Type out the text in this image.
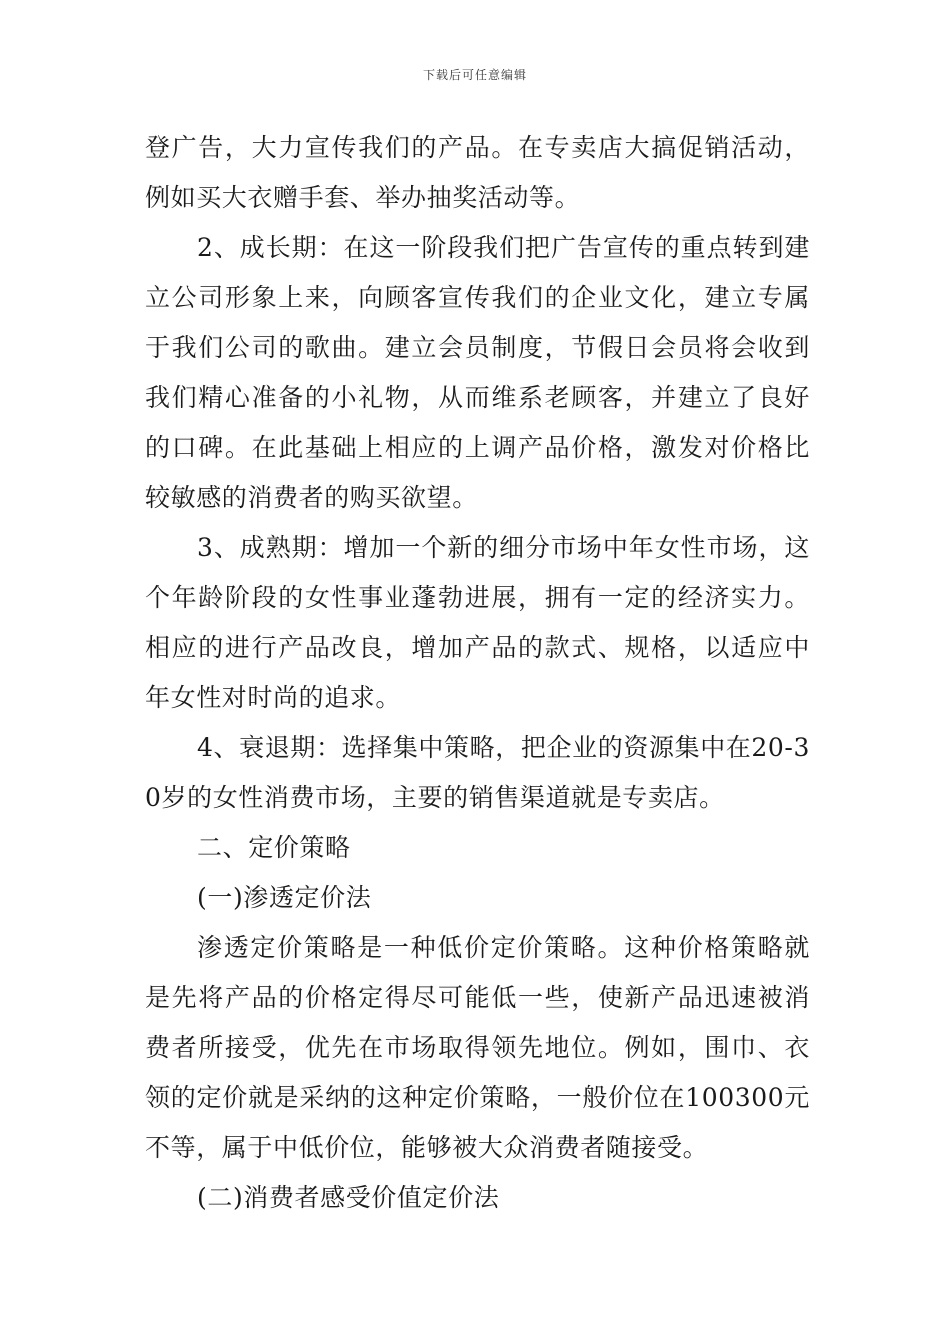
下载后可任意编辑

登广告，大力宣传我们的产品。在专卖店大搞促销活动，例如买大衣赠手套、举办抽奖活动等。

2、成长期：在这一阶段我们把广告宣传的重点转到建立公司形象上来，向顾客宣传我们的企业文化，建立专属于我们公司的歌曲。建立会员制度，节假日会员将会收到我们精心准备的小礼物，从而维系老顾客，并建立了良好的口碑。在此基础上相应的上调产品价格，激发对价格比较敏感的消费者的购买欲望。

3、成熟期：增加一个新的细分市场中年女性市场，这个年龄阶段的女性事业蓬勃进展，拥有一定的经济实力。相应的进行产品改良，增加产品的款式、规格，以适应中年女性对时尚的追求。

4、衰退期：选择集中策略，把企业的资源集中在20-30岁的女性消费市场，主要的销售渠道就是专卖店。

二、定价策略

(一)渗透定价法

渗透定价策略是一种低价定价策略。这种价格策略就是先将产品的价格定得尽可能低一些，使新产品迅速被消费者所接受，优先在市场取得领先地位。例如，围巾、衣领的定价就是采纳的这种定价策略，一般价位在100300元不等，属于中低价位，能够被大众消费者随接受。

(二)消费者感受价值定价法
